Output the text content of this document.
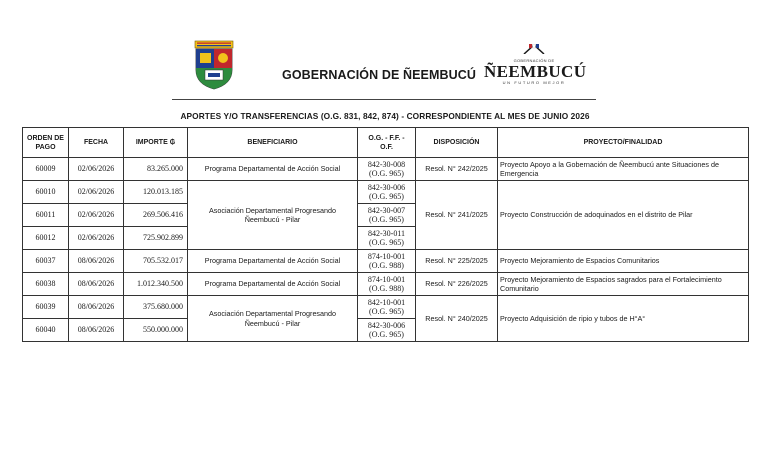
GOBERNACIÓN DE ÑEEMBUCÚ
GOBERNACIÓN DE
ÑEEMBUCÚ
UN FUTURO MEJOR
APORTES Y/O TRANSFERENCIAS (O.G. 831, 842, 874) - CORRESPONDIENTE AL MES DE JUNIO 2026
ORDEN DE
PAGO	FECHA	IMPORTE ₲	BENEFICIARIO	O.G. - F.F. -
O.F.	DISPOSICIÓN	PROYECTO/FINALIDAD
60009	02/06/2026	83.265.000	Programa Departamental de Acción Social	842-30-008
(O.G. 965)	Resol. N° 242/2025	Proyecto Apoyo a la Gobernación de Ñeembucú ante Situaciones de Emergencia
60010	02/06/2026	120.013.185	Asociación Departamental Progresando Ñeembucú - Pilar	842-30-006
(O.G. 965)	Resol. N° 241/2025	Proyecto Construcción de adoquinados en el distrito de Pilar
60011	02/06/2026	269.506.416		842-30-007
(O.G. 965)		
60012	02/06/2026	725.902.899		842-30-011
(O.G. 965)		
60037	08/06/2026	705.532.017	Programa Departamental de Acción Social	874-10-001
(O.G. 988)	Resol. N° 225/2025	Proyecto Mejoramiento de Espacios Comunitarios
60038	08/06/2026	1.012.340.500	Programa Departamental de Acción Social	874-10-001
(O.G. 988)	Resol. N° 226/2025	Proyecto Mejoramiento de Espacios sagrados para el Fortalecimiento Comunitario
60039	08/06/2026	375.680.000	Asociación Departamental Progresando Ñeembucú - Pilar	842-10-001
(O.G. 965)	Resol. N° 240/2025	Proyecto Adquisición de ripio y tubos de H°A°
60040	08/06/2026	550.000.000		842-30-006
(O.G. 965)		
